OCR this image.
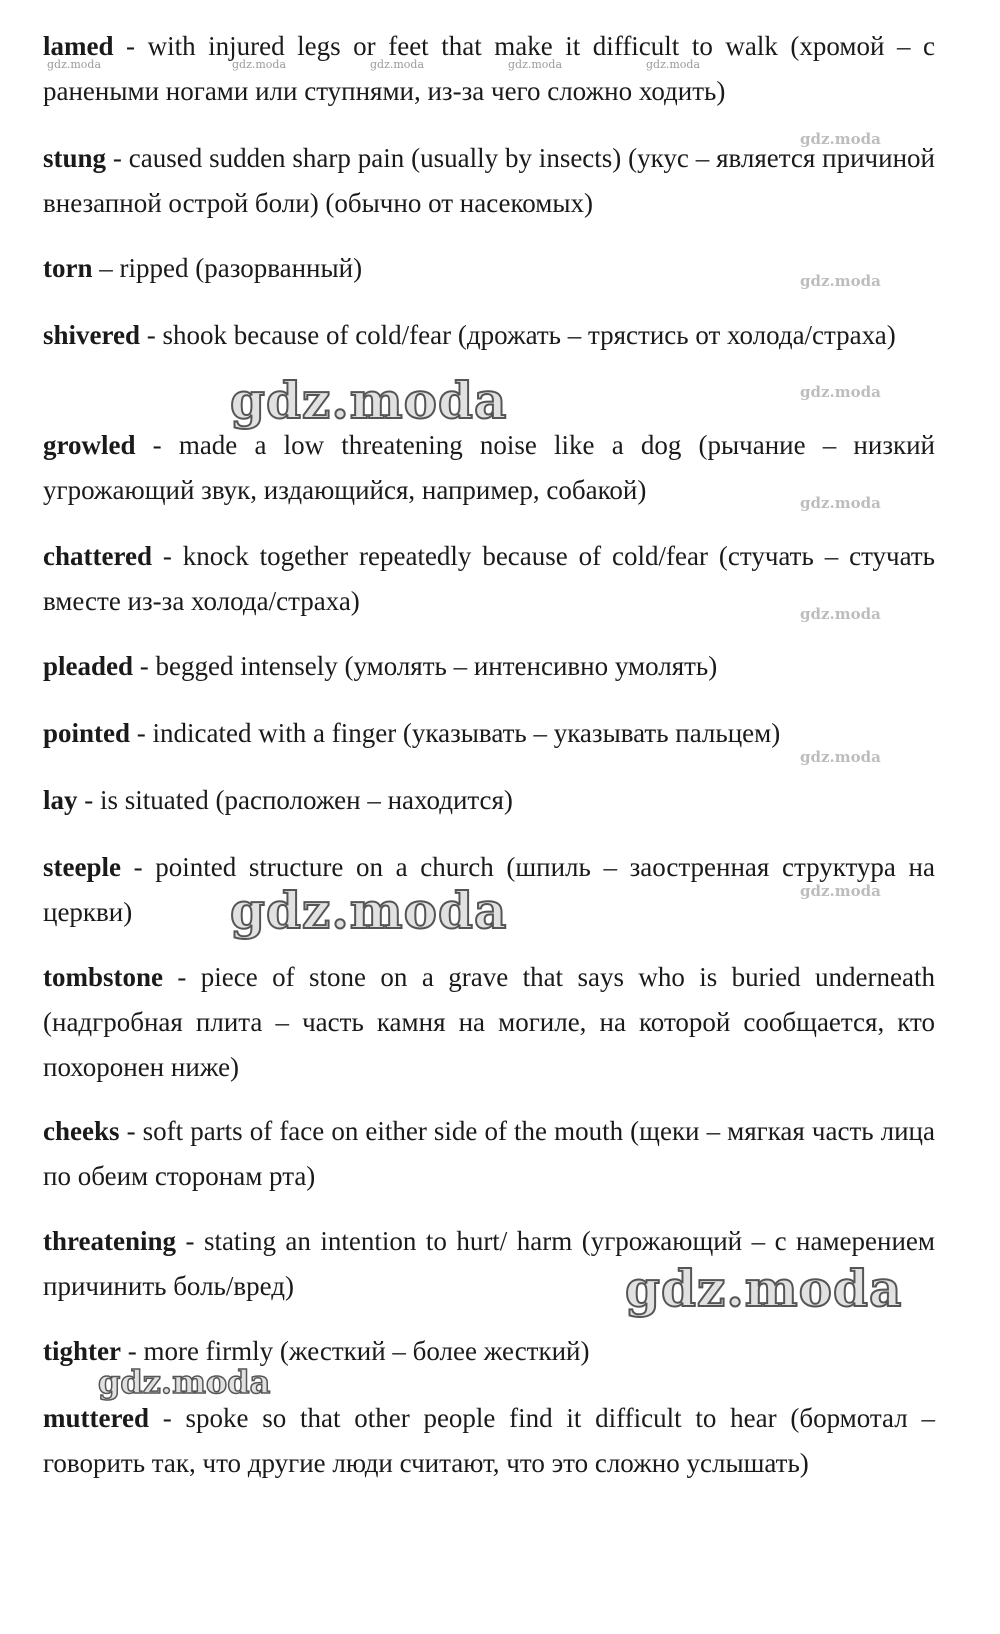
lamed - with injured legs or feet that make it difficult to walk (хромой – с ранеными ногами или ступнями, из-за чего сложно ходить)

stung - caused sudden sharp pain (usually by insects) (укус – является причиной внезапной острой боли) (обычно от насекомых)

torn – ripped (разорванный)

shivered - shook because of cold/fear (дрожать – трястись от холода/страха)

growled - made a low threatening noise like a dog (рычание – низкий угрожающий звук, издающийся, например, собакой)

chattered - knock together repeatedly because of cold/fear (стучать – стучать вместе из-за холода/страха)

pleaded - begged intensely (умолять – интенсивно умолять)

pointed - indicated with a finger (указывать – указывать пальцем)

lay - is situated (расположен – находится)

steeple - pointed structure on a church (шпиль – заостренная структура на церкви)

tombstone - piece of stone on a grave that says who is buried underneath (надгробная плита – часть камня на могиле, на которой сообщается, кто похоронен ниже)

cheeks - soft parts of face on either side of the mouth (щеки – мягкая часть лица по обеим сторонам рта)

threatening - stating an intention to hurt/ harm (угрожающий – с намерением причинить боль/вред)

tighter - more firmly (жесткий – более жесткий)

muttered - spoke so that other people find it difficult to hear (бормотал – говорить так, что другие люди считают, что это сложно услышать)

gdz.moda	gdz.moda	gdz.moda	gdz.moda	gdz.moda
gdz.moda
gdz.moda
gdz.moda
gdz.moda
gdz.moda
gdz.moda
gdz.moda
gdz.moda
gdz.moda
gdz.moda
gdz.moda
